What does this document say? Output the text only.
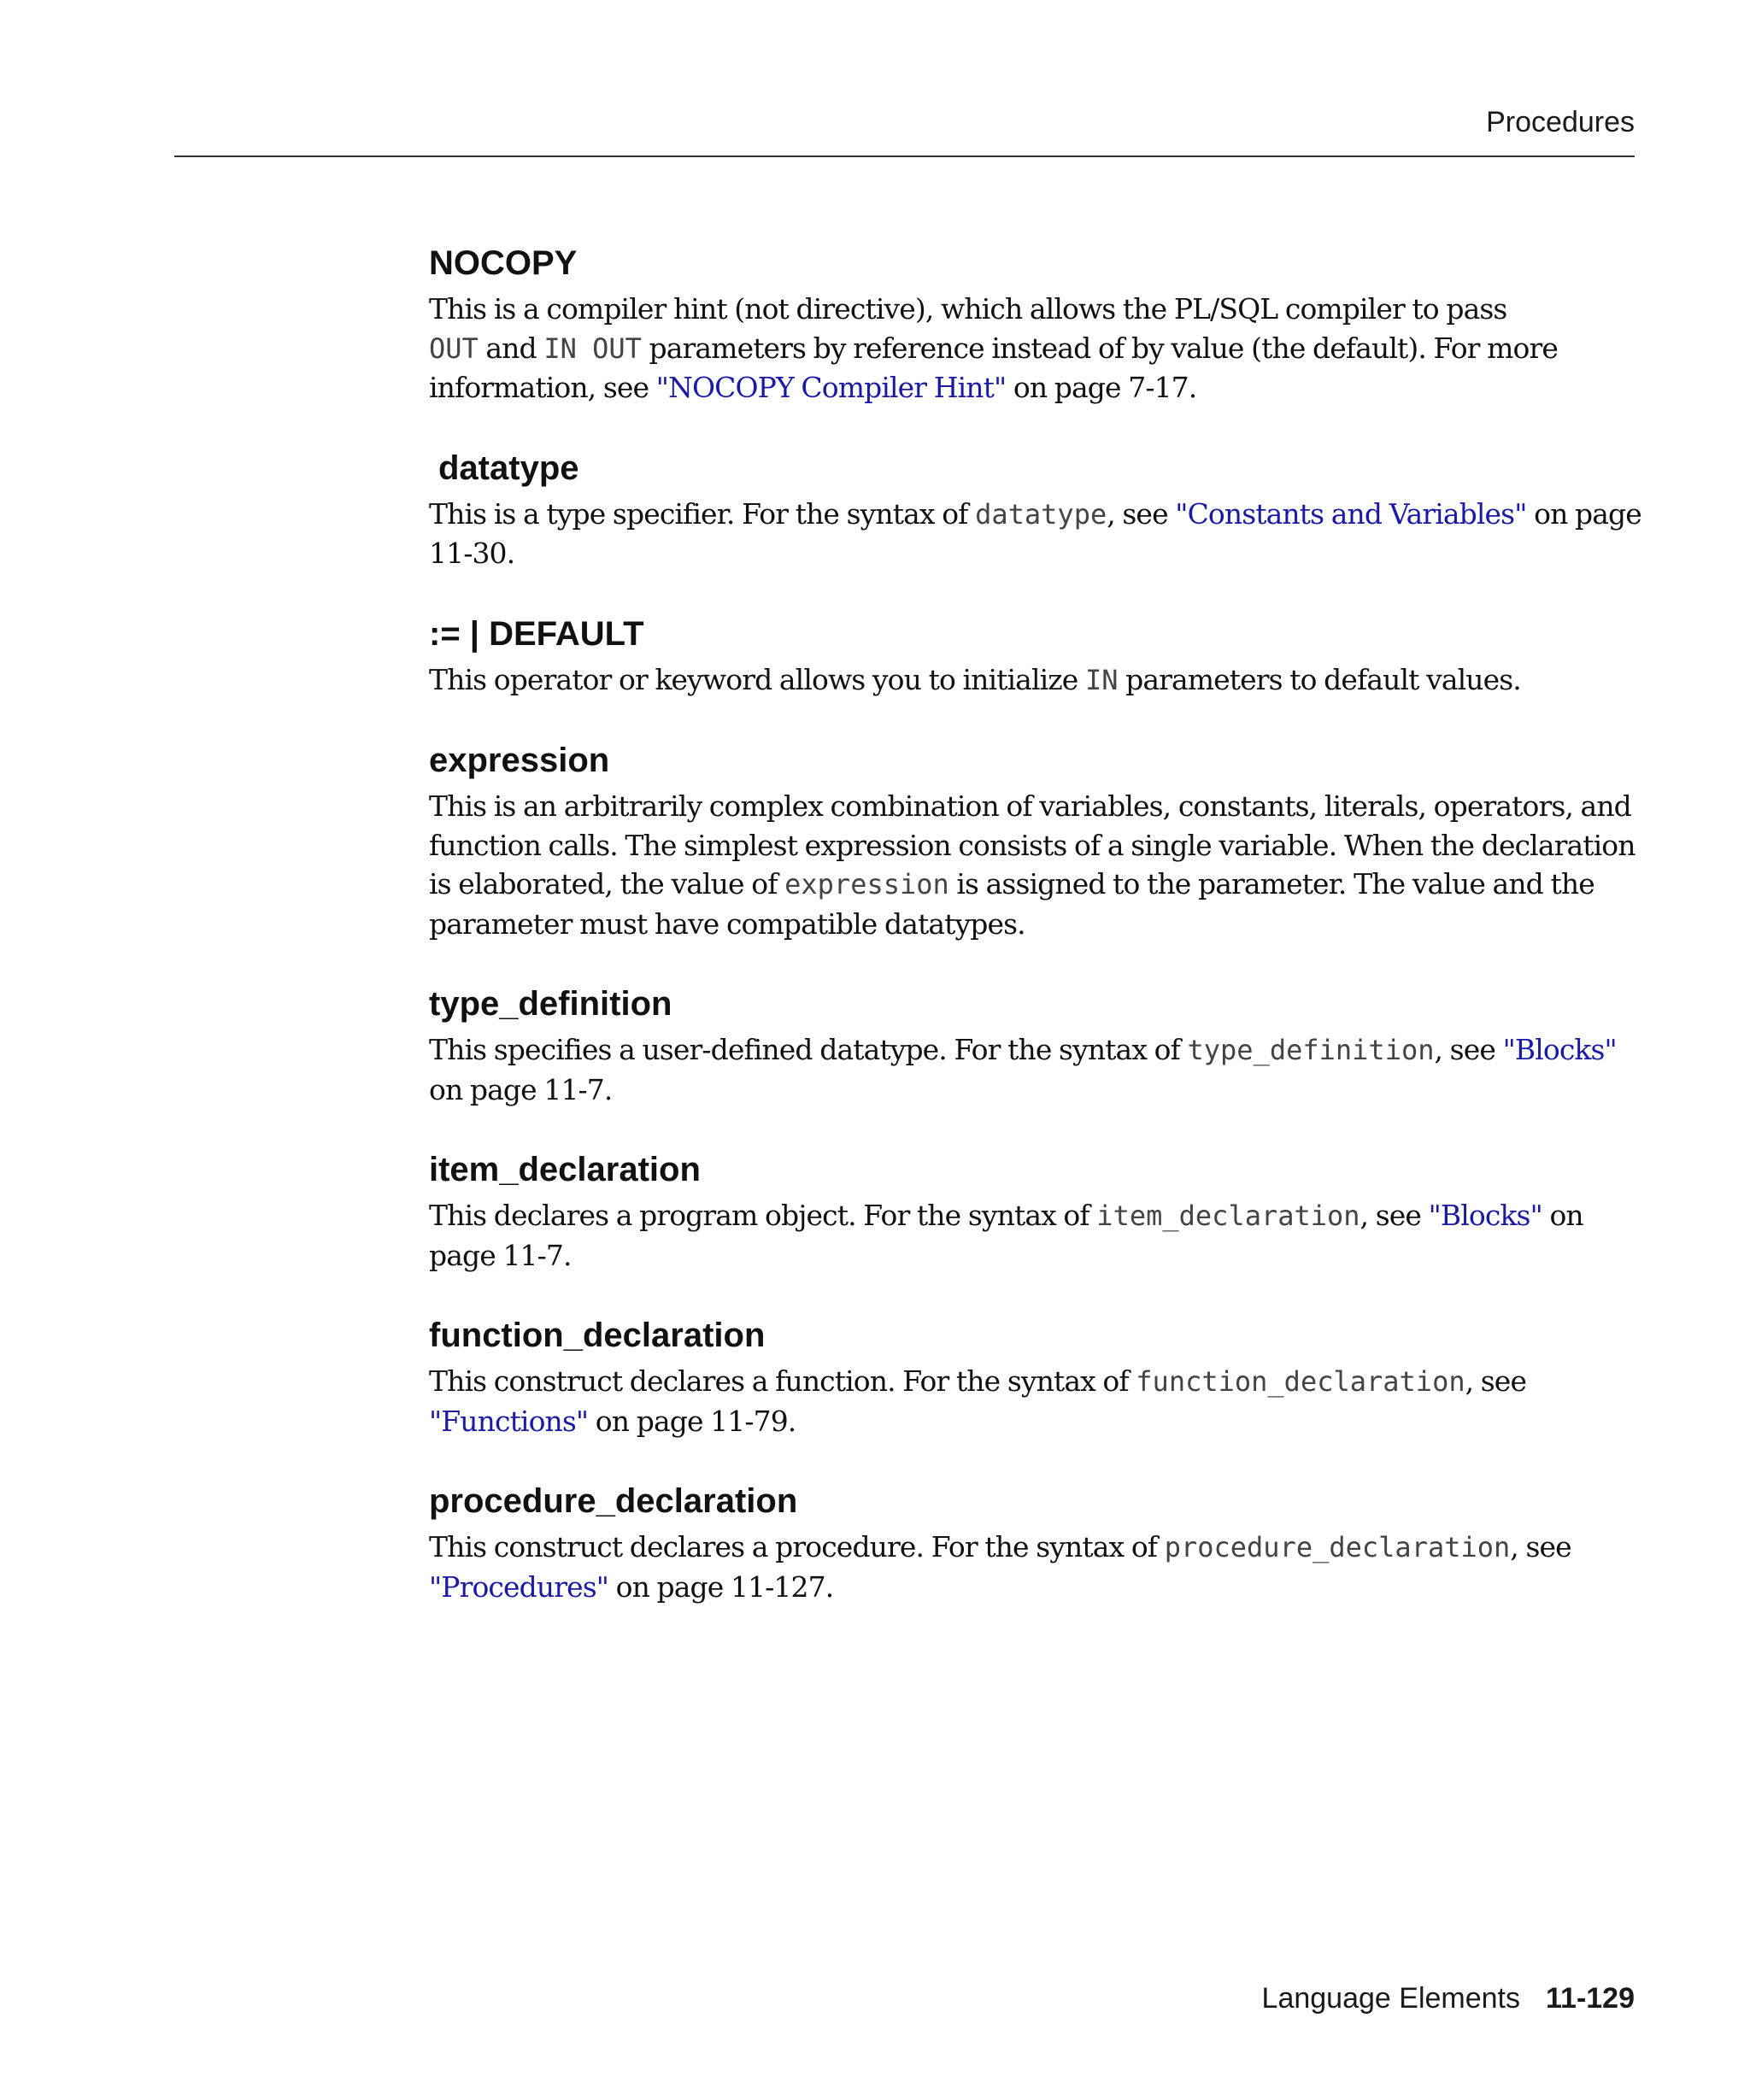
Procedures
NOCOPY

This is a compiler hint (not directive), which allows the PL/SQL compiler to pass
OUT and IN OUT parameters by reference instead of by value (the default). For more information, see "NOCOPY Compiler Hint" on page 7-17.

datatype

This is a type specifier. For the syntax of datatype, see "Constants and Variables" on page 11-30.

:= | DEFAULT

This operator or keyword allows you to initialize IN parameters to default values.

expression

This is an arbitrarily complex combination of variables, constants, literals, operators, and function calls. The simplest expression consists of a single variable. When the declaration is elaborated, the value of expression is assigned to the parameter. The value and the parameter must have compatible datatypes.

type_definition

This specifies a user-defined datatype. For the syntax of type_definition, see "Blocks" on page 11-7.

item_declaration

This declares a program object. For the syntax of item_declaration, see "Blocks" on page 11-7.

function_declaration

This construct declares a function. For the syntax of function_declaration, see "Functions" on page 11-79.

procedure_declaration

This construct declares a procedure. For the syntax of procedure_declaration, see "Procedures" on page 11-127.

Language Elements 11-129
